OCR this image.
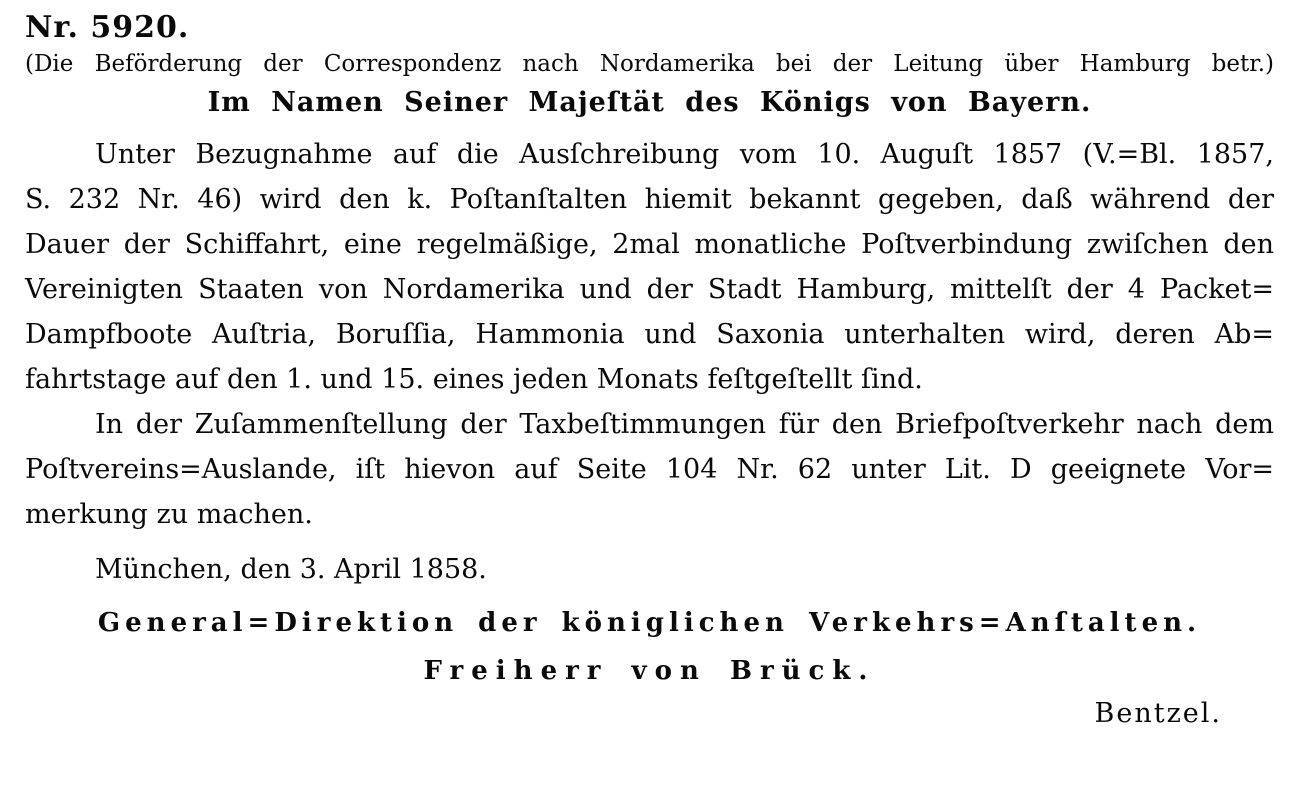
Nr. 5920.
(Die Beförderung der Correspondenz nach Nordamerika bei der Leitung über Hamburg betr.)
Im Namen Seiner Majeſtät des Königs von Bayern.
Unter Bezugnahme auf die Ausſchreibung vom 10. Auguſt 1857 (V.=Bl. 1857,
S. 232 Nr. 46) wird den k. Poſtanſtalten hiemit bekannt gegeben, daß während der
Dauer der Schiffahrt, eine regelmäßige, 2mal monatliche Poſtverbindung zwiſchen den
Vereinigten Staaten von Nordamerika und der Stadt Hamburg, mittelſt der 4 Packet=
Dampfboote Auſtria, Boruſſia, Hammonia und Saxonia unterhalten wird, deren Ab=
fahrtstage auf den 1. und 15. eines jeden Monats feſtgeſtellt ſind.
In der Zuſammenſtellung der Taxbeſtimmungen für den Briefpoſtverkehr nach dem
Poſtvereins=Auslande, iſt hievon auf Seite 104 Nr. 62 unter Lit. D geeignete Vor=
merkung zu machen.
München, den 3. April 1858.
General=Direktion der königlichen Verkehrs=Anſtalten.
Freiherr von Brück.
Bentzel.
